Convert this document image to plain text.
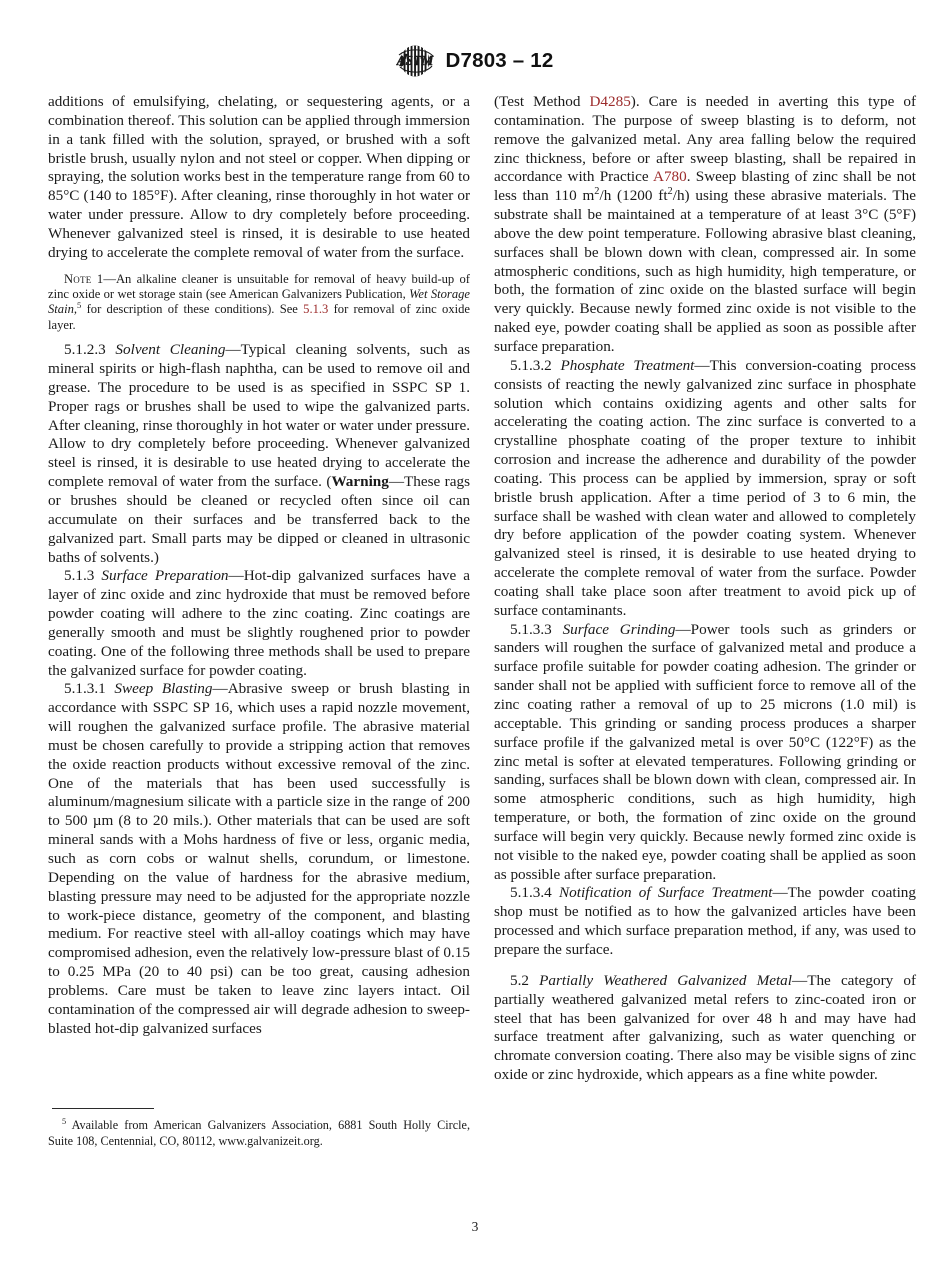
ASTM D7803 – 12

additions of emulsifying, chelating, or sequestering agents, or a combination thereof. This solution can be applied through immersion in a tank filled with the solution, sprayed, or brushed with a soft bristle brush, usually nylon and not steel or copper. When dipping or spraying, the solution works best in the temperature range from 60 to 85°C (140 to 185°F). After cleaning, rinse thoroughly in hot water or water under pressure. Allow to dry completely before proceeding. Whenever galvanized steel is rinsed, it is desirable to use heated drying to accelerate the complete removal of water from the surface.

Note 1—An alkaline cleaner is unsuitable for removal of heavy build-up of zinc oxide or wet storage stain (see American Galvanizers Publication, Wet Storage Stain,$^5$ for description of these conditions). See 5.1.3 for removal of zinc oxide layer.

5.1.2.3 Solvent Cleaning—Typical cleaning solvents, such as mineral spirits or high-flash naphtha, can be used to remove oil and grease. The procedure to be used is as specified in SSPC SP 1. Proper rags or brushes shall be used to wipe the galvanized parts. After cleaning, rinse thoroughly in hot water or water under pressure. Allow to dry completely before proceeding. Whenever galvanized steel is rinsed, it is desirable to use heated drying to accelerate the complete removal of water from the surface. (Warning—These rags or brushes should be cleaned or recycled often since oil can accumulate on their surfaces and be transferred back to the galvanized part. Small parts may be dipped or cleaned in ultrasonic baths of solvents.)

5.1.3 Surface Preparation—Hot-dip galvanized surfaces have a layer of zinc oxide and zinc hydroxide that must be removed before powder coating will adhere to the zinc coating. Zinc coatings are generally smooth and must be slightly roughened prior to powder coating. One of the following three methods shall be used to prepare the galvanized surface for powder coating.

5.1.3.1 Sweep Blasting—Abrasive sweep or brush blasting in accordance with SSPC SP 16, which uses a rapid nozzle movement, will roughen the galvanized surface profile. The abrasive material must be chosen carefully to provide a stripping action that removes the oxide reaction products without excessive removal of the zinc. One of the materials that has been used successfully is aluminum/magnesium silicate with a particle size in the range of 200 to 500 µm (8 to 20 mils.). Other materials that can be used are soft mineral sands with a Mohs hardness of five or less, organic media, such as corn cobs or walnut shells, corundum, or limestone. Depending on the value of hardness for the abrasive medium, blasting pressure may need to be adjusted for the appropriate nozzle to work-piece distance, geometry of the component, and blasting medium. For reactive steel with all-alloy coatings which may have compromised adhesion, even the relatively low-pressure blast of 0.15 to 0.25 MPa (20 to 40 psi) can be too great, causing adhesion problems. Care must be taken to leave zinc layers intact. Oil contamination of the compressed air will degrade adhesion to sweep-blasted hot-dip galvanized surfaces

(Test Method D4285). Care is needed in averting this type of contamination. The purpose of sweep blasting is to deform, not remove the galvanized metal. Any area falling below the required zinc thickness, before or after sweep blasting, shall be repaired in accordance with Practice A780. Sweep blasting of zinc shall be not less than 110 $m^2/h$ (1200 $ft^2/h$) using these abrasive materials. The substrate shall be maintained at a temperature of at least 3°C (5°F) above the dew point temperature. Following abrasive blast cleaning, surfaces shall be blown down with clean, compressed air. In some atmospheric conditions, such as high humidity, high temperature, or both, the formation of zinc oxide on the blasted surface will begin very quickly. Because newly formed zinc oxide is not visible to the naked eye, powder coating shall be applied as soon as possible after surface preparation.

5.1.3.2 Phosphate Treatment—This conversion-coating process consists of reacting the newly galvanized zinc surface in phosphate solution which contains oxidizing agents and other salts for accelerating the coating action. The zinc surface is converted to a crystalline phosphate coating of the proper texture to inhibit corrosion and increase the adherence and durability of the powder coating. This process can be applied by immersion, spray or soft bristle brush application. After a time period of 3 to 6 min, the surface shall be washed with clean water and allowed to completely dry before application of the powder coating system. Whenever galvanized steel is rinsed, it is desirable to use heated drying to accelerate the complete removal of water from the surface. Powder coating shall take place soon after treatment to avoid pick up of surface contaminants.

5.1.3.3 Surface Grinding—Power tools such as grinders or sanders will roughen the surface of galvanized metal and produce a surface profile suitable for powder coating adhesion. The grinder or sander shall not be applied with sufficient force to remove all of the zinc coating rather a removal of up to 25 microns (1.0 mil) is acceptable. This grinding or sanding process produces a sharper surface profile if the galvanized metal is over 50°C (122°F) as the zinc metal is softer at elevated temperatures. Following grinding or sanding, surfaces shall be blown down with clean, compressed air. In some atmospheric conditions, such as high humidity, high temperature, or both, the formation of zinc oxide on the ground surface will begin very quickly. Because newly formed zinc oxide is not visible to the naked eye, powder coating shall be applied as soon as possible after surface preparation.

5.1.3.4 Notification of Surface Treatment—The powder coating shop must be notified as to how the galvanized articles have been processed and which surface preparation method, if any, was used to prepare the surface.

5.2 Partially Weathered Galvanized Metal—The category of partially weathered galvanized metal refers to zinc-coated iron or steel that has been galvanized for over 48 h and may have had surface treatment after galvanizing, such as water quenching or chromate conversion coating. There also may be visible signs of zinc oxide or zinc hydroxide, which appears as a fine white powder.

$^5$ Available from American Galvanizers Association, 6881 South Holly Circle, Suite 108, Centennial, CO, 80112, www.galvanizeit.org.

3
